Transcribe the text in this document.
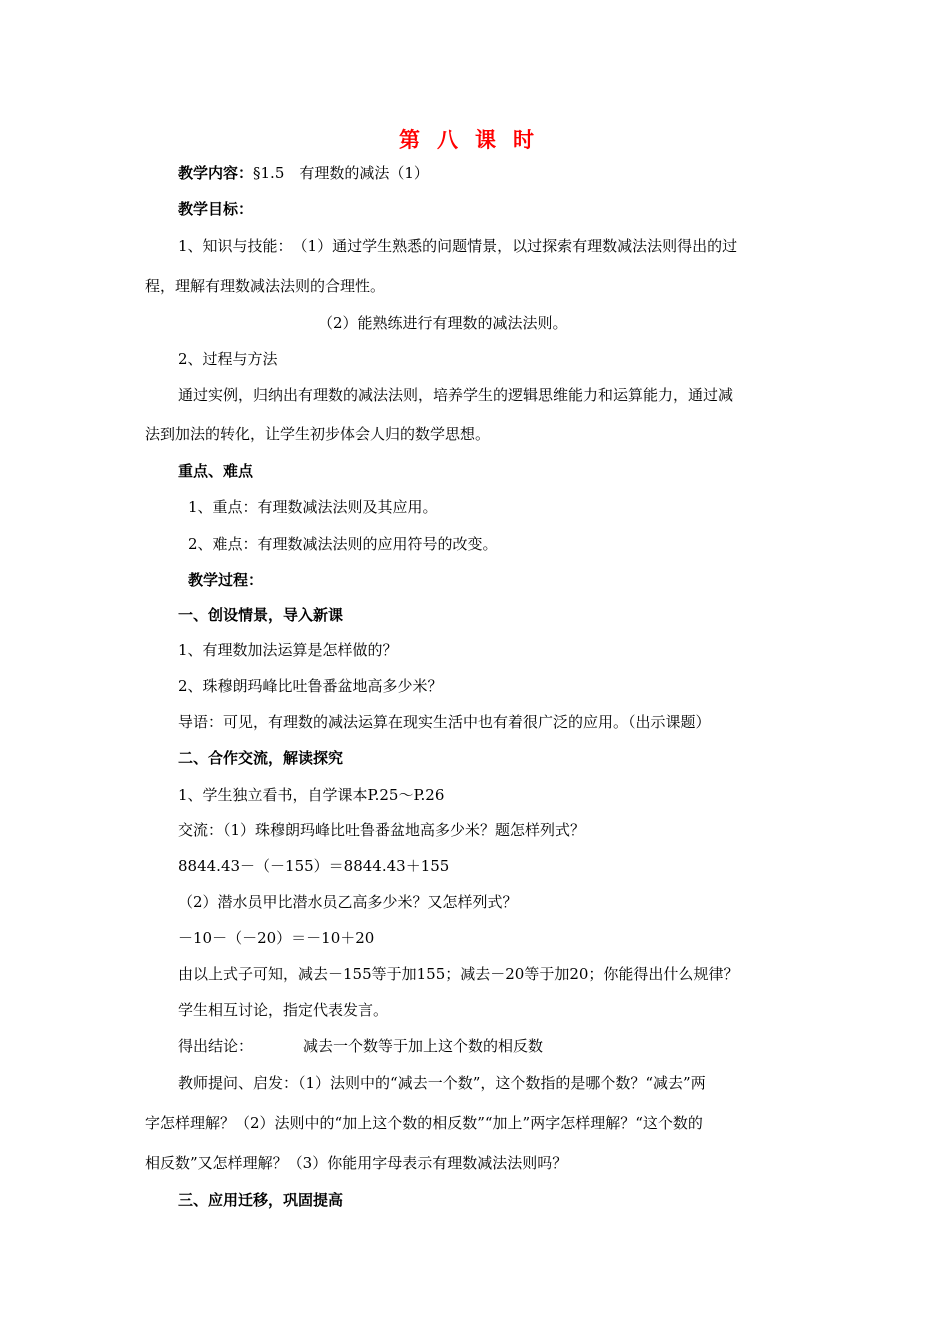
第八课时
教学内容：§1.5　有理数的减法（1）
教学目标：
1、知识与技能：　（1）通过学生熟悉的问题情景，以过探索有理数减法法则得出的过
程，理解有理数减法法则的合理性。
（2）能熟练进行有理数的减法法则。
2、过程与方法
通过实例，归纳出有理数的减法法则，培养学生的逻辑思维能力和运算能力，通过减
法到加法的转化，让学生初步体会人归的数学思想。
重点、难点
1、重点：有理数减法法则及其应用。
2、难点：有理数减法法则的应用符号的改变。
教学过程：
一、创设情景，导入新课
1、有理数加法运算是怎样做的？
2、珠穆朗玛峰比吐鲁番盆地高多少米？
导语：可见，有理数的减法运算在现实生活中也有着很广泛的应用。（出示课题）
二、合作交流，解读探究
1、学生独立看书，自学课本P.25～P.26
交流：（1）珠穆朗玛峰比吐鲁番盆地高多少米？题怎样列式？
8844.43－（－155）＝8844.43＋155
（2）潜水员甲比潜水员乙高多少米？又怎样列式？
－10－（－20）＝－10＋20
由以上式子可知，减去－155等于加155；减去－20等于加20；你能得出什么规律？
学生相互讨论，指定代表发言。
得出结论：	减去一个数等于加上这个数的相反数
教师提问、启发：（1）法则中的“减去一个数”，这个数指的是哪个数？“减去”两
字怎样理解？（2）法则中的“加上这个数的相反数”“加上”两字怎样理解？“这个数的
相反数”又怎样理解？（3）你能用字母表示有理数减法法则吗？
三、应用迁移，巩固提高
